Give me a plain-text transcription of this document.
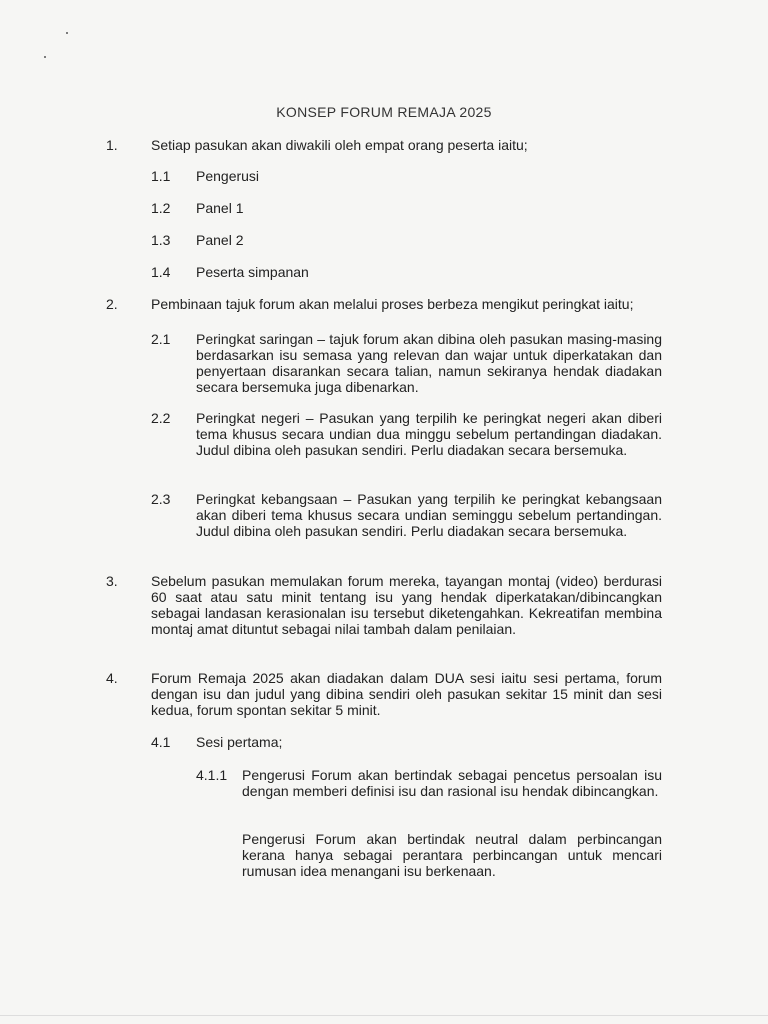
KONSEP FORUM REMAJA 2025
1. Setiap pasukan akan diwakili oleh empat orang peserta iaitu;
1.1 Pengerusi
1.2 Panel 1
1.3 Panel 2
1.4 Peserta simpanan
2. Pembinaan tajuk forum akan melalui proses berbeza mengikut peringkat iaitu;
2.1 Peringkat saringan – tajuk forum akan dibina oleh pasukan masing-masing berdasarkan isu semasa yang relevan dan wajar untuk diperkatakan dan penyertaan disarankan secara talian, namun sekiranya hendak diadakan secara bersemuka juga dibenarkan.
2.2 Peringkat negeri – Pasukan yang terpilih ke peringkat negeri akan diberi tema khusus secara undian dua minggu sebelum pertandingan diadakan. Judul dibina oleh pasukan sendiri. Perlu diadakan secara bersemuka.
2.3 Peringkat kebangsaan – Pasukan yang terpilih ke peringkat kebangsaan akan diberi tema khusus secara undian seminggu sebelum pertandingan. Judul dibina oleh pasukan sendiri. Perlu diadakan secara bersemuka.
3. Sebelum pasukan memulakan forum mereka, tayangan montaj (video) berdurasi 60 saat atau satu minit tentang isu yang hendak diperkatakan/dibincangkan sebagai landasan kerasionalan isu tersebut diketengahkan. Kekreatifan membina montaj amat dituntut sebagai nilai tambah dalam penilaian.
4. Forum Remaja 2025 akan diadakan dalam DUA sesi iaitu sesi pertama, forum dengan isu dan judul yang dibina sendiri oleh pasukan sekitar 15 minit dan sesi kedua, forum spontan sekitar 5 minit.
4.1 Sesi pertama;
4.1.1 Pengerusi Forum akan bertindak sebagai pencetus persoalan isu dengan memberi definisi isu dan rasional isu hendak dibincangkan.
Pengerusi Forum akan bertindak neutral dalam perbincangan kerana hanya sebagai perantara perbincangan untuk mencari rumusan idea menangani isu berkenaan.
